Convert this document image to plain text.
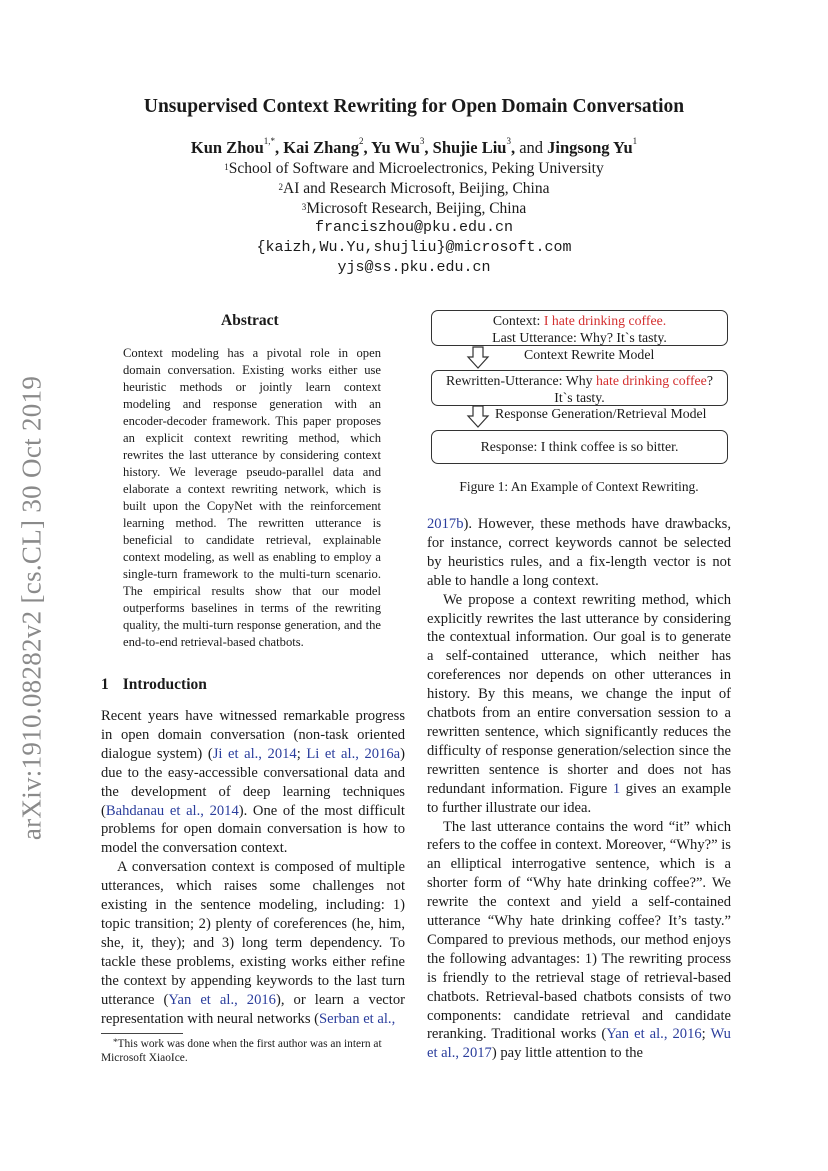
arXiv:1910.08282v2 [cs.CL] 30 Oct 2019
Unsupervised Context Rewriting for Open Domain Conversation
Kun Zhou$^{1,*}$, Kai Zhang$^2$, Yu Wu$^3$, Shujie Liu$^3$, and Jingsong Yu$^1$
$^1$School of Software and Microelectronics, Peking University
$^2$AI and Research Microsoft, Beijing, China
$^3$Microsoft Research, Beijing, China
franciszhou@pku.edu.cn
{kaizh,Wu.Yu,shujliu}@microsoft.com
yjs@ss.pku.edu.cn
Abstract

Context modeling has a pivotal role in open domain conversation. Existing works either use heuristic methods or jointly learn context modeling and response generation with an encoder-decoder framework. This paper proposes an explicit context rewriting method, which rewrites the last utterance by considering context history. We leverage pseudo-parallel data and elaborate a context rewriting network, which is built upon the CopyNet with the reinforcement learning method. The rewritten utterance is beneficial to candidate retrieval, explainable context modeling, as well as enabling to employ a single-turn framework to the multi-turn scenario. The empirical results show that our model outperforms baselines in terms of the rewriting quality, the multi-turn response generation, and the end-to-end retrieval-based chatbots.

Context: I hate drinking coffee.
Last Utterance: Why? It`s tasty.
Context Rewrite Model
Rewritten-Utterance: Why hate drinking coffee?
It`s tasty.
Response Generation/Retrieval Model
Response: I think coffee is so bitter.
Figure 1: An Example of Context Rewriting.
1 Introduction

Recent years have witnessed remarkable progress in open domain conversation (non-task oriented dialogue system) (Ji et al., 2014; Li et al., 2016a) due to the easy-accessible conversational data and the development of deep learning techniques (Bahdanau et al., 2014). One of the most difficult problems for open domain conversation is how to model the conversation context.

A conversation context is composed of multiple utterances, which raises some challenges not existing in the sentence modeling, including: 1) topic transition; 2) plenty of coreferences (he, him, she, it, they); and 3) long term dependency. To tackle these problems, existing works either refine the context by appending keywords to the last turn utterance (Yan et al., 2016), or learn a vector representation with neural networks (Serban et al.,

*This work was done when the first author was an intern at Microsoft XiaoIce.

2017b). However, these methods have drawbacks, for instance, correct keywords cannot be selected by heuristics rules, and a fix-length vector is not able to handle a long context.

We propose a context rewriting method, which explicitly rewrites the last utterance by considering the contextual information. Our goal is to generate a self-contained utterance, which neither has coreferences nor depends on other utterances in history. By this means, we change the input of chatbots from an entire conversation session to a rewritten sentence, which significantly reduces the difficulty of response generation/selection since the rewritten sentence is shorter and does not has redundant information. Figure 1 gives an example to further illustrate our idea.

The last utterance contains the word “it” which refers to the coffee in context. Moreover, “Why?” is an elliptical interrogative sentence, which is a shorter form of “Why hate drinking coffee?”. We rewrite the context and yield a self-contained utterance “Why hate drinking coffee? It’s tasty.” Compared to previous methods, our method enjoys the following advantages: 1) The rewriting process is friendly to the retrieval stage of retrieval-based chatbots. Retrieval-based chatbots consists of two components: candidate retrieval and candidate reranking. Traditional works (Yan et al., 2016; Wu et al., 2017) pay little attention to the
